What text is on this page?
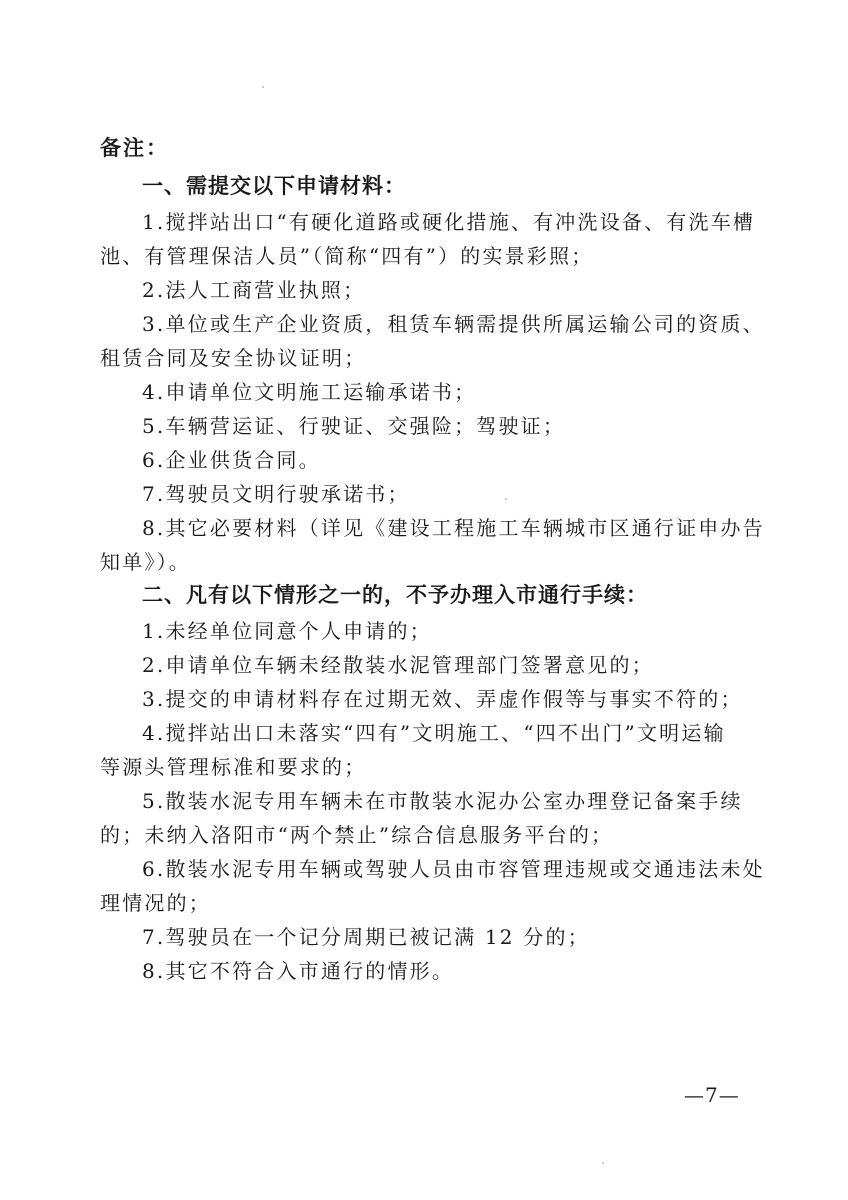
备注：
一、需提交以下申请材料：
1.搅拌站出口“有硬化道路或硬化措施、有冲洗设备、有洗车槽
池、有管理保洁人员”（简称“四有”）的实景彩照；
2.法人工商营业执照；
3.单位或生产企业资质，租赁车辆需提供所属运输公司的资质、
租赁合同及安全协议证明；
4.申请单位文明施工运输承诺书；
5.车辆营运证、行驶证、交强险；驾驶证；
6.企业供货合同。
7.驾驶员文明行驶承诺书；
8.其它必要材料（详见《建设工程施工车辆城市区通行证申办告
知单》）。
二、凡有以下情形之一的，不予办理入市通行手续：
1.未经单位同意个人申请的；
2.申请单位车辆未经散装水泥管理部门签署意见的；
3.提交的申请材料存在过期无效、弄虚作假等与事实不符的；
4.搅拌站出口未落实“四有”文明施工、“四不出门”文明运输
等源头管理标准和要求的；
5.散装水泥专用车辆未在市散装水泥办公室办理登记备案手续
的；未纳入洛阳市“两个禁止”综合信息服务平台的；
6.散装水泥专用车辆或驾驶人员由市容管理违规或交通违法未处
理情况的；
7.驾驶员在一个记分周期已被记满 12 分的；
8.其它不符合入市通行的情形。
—7—
